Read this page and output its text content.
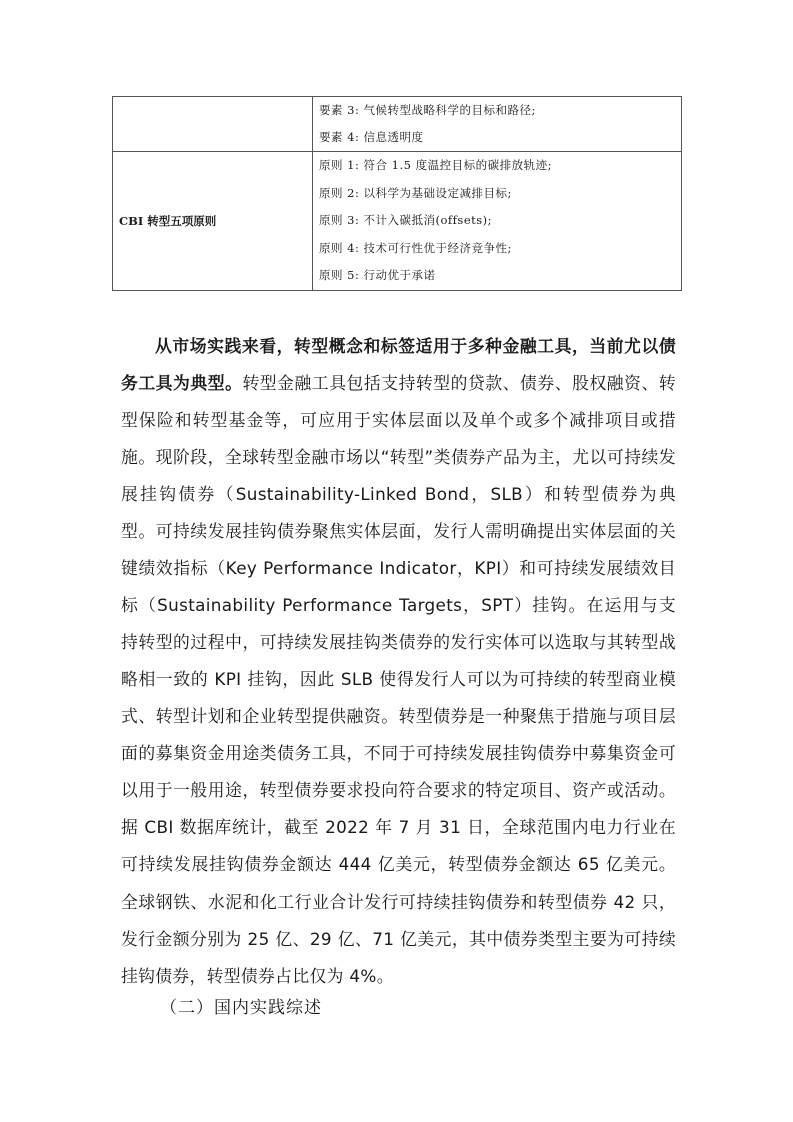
	要素 3: 气候转型战略科学的目标和路径;
要素 4: 信息透明度

CBI 转型五项原则	原则 1: 符合 1.5 度温控目标的碳排放轨迹;
原则 2: 以科学为基础设定减排目标;
原则 3: 不计入碳抵消(offsets);
原则 4: 技术可行性优于经济竞争性;
原则 5: 行动优于承诺

从市场实践来看，转型概念和标签适用于多种金融工具，当前尤以债务工具为典型。转型金融工具包括支持转型的贷款、债券、股权融资、转型保险和转型基金等，可应用于实体层面以及单个或多个减排项目或措施。现阶段，全球转型金融市场以“转型”类债券产品为主，尤以可持续发展挂钩债券（Sustainability-Linked Bond，SLB）和转型债券为典型。可持续发展挂钩债券聚焦实体层面，发行人需明确提出实体层面的关键绩效指标（Key Performance Indicator，KPI）和可持续发展绩效目标（Sustainability Performance Targets，SPT）挂钩。在运用与支持转型的过程中，可持续发展挂钩类债券的发行实体可以选取与其转型战略相一致的 KPI 挂钩，因此 SLB 使得发行人可以为可持续的转型商业模式、转型计划和企业转型提供融资。转型债券是一种聚焦于措施与项目层面的募集资金用途类债务工具，不同于可持续发展挂钩债券中募集资金可以用于一般用途，转型债券要求投向符合要求的特定项目、资产或活动。据 CBI 数据库统计，截至 2022 年 7 月 31 日，全球范围内电力行业在可持续发展挂钩债券金额达 444 亿美元，转型债券金额达 65 亿美元。全球钢铁、水泥和化工行业合计发行可持续挂钩债券和转型债券 42 只，发行金额分别为 25 亿、29 亿、71 亿美元，其中债券类型主要为可持续挂钩债券，转型债券占比仅为 4%。

（二）国内实践综述
